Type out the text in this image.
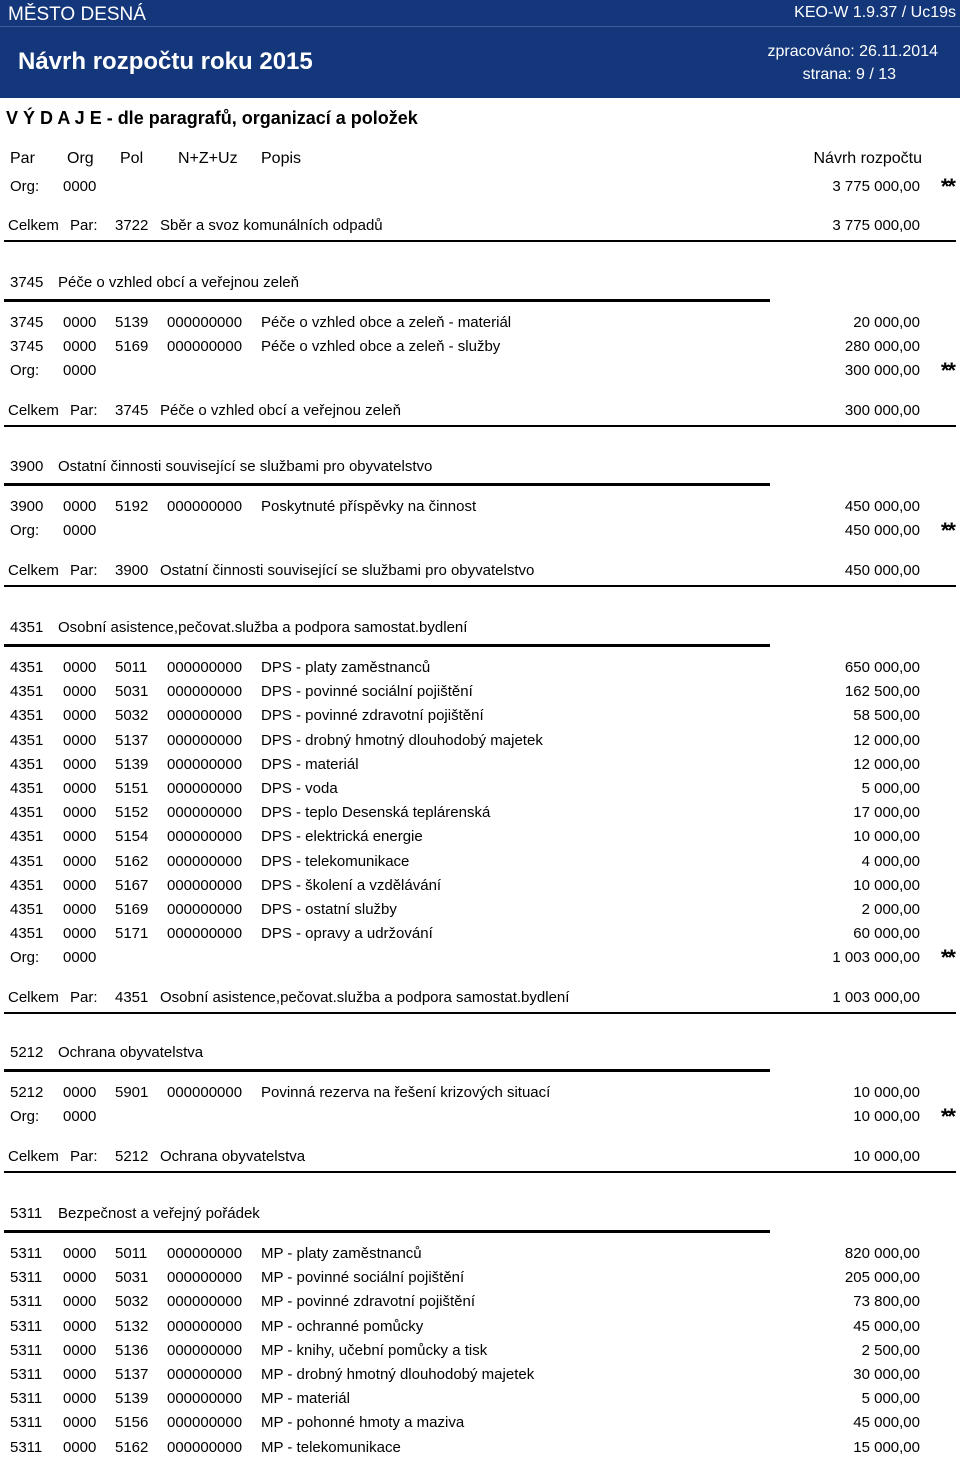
MĚSTO DESNÁ	KEO-W 1.9.37 / Uc19s
Návrh rozpočtu roku 2015	zpracováno: 26.11.2014
strana: 9 / 13
V Ý D A J E - dle paragrafů, organizací a položek
Par Org Pol N+Z+Uz Popis	Návrh rozpočtu
Org: 0000	3 775 000,00 **
Celkem Par: 3722 Sběr a svoz komunálních odpadů	3 775 000,00
3745 Péče o vzhled obcí a veřejnou zeleň
3745 0000 5139 000000000 Péče o vzhled obce a zeleň - materiál	20 000,00
3745 0000 5169 000000000 Péče o vzhled obce a zeleň - služby	280 000,00
Org: 0000	300 000,00 **
Celkem Par: 3745 Péče o vzhled obcí a veřejnou zeleň	300 000,00
3900 Ostatní činnosti související se službami pro obyvatelstvo
3900 0000 5192 000000000 Poskytnuté příspěvky na činnost	450 000,00
Org: 0000	450 000,00 **
Celkem Par: 3900 Ostatní činnosti související se službami pro obyvatelstvo	450 000,00
4351 Osobní asistence,pečovat.služba a podpora samostat.bydlení
4351 0000 5011 000000000 DPS - platy zaměstnanců	650 000,00
4351 0000 5031 000000000 DPS - povinné sociální pojištění	162 500,00
4351 0000 5032 000000000 DPS - povinné zdravotní pojištění	58 500,00
4351 0000 5137 000000000 DPS - drobný hmotný dlouhodobý majetek	12 000,00
4351 0000 5139 000000000 DPS - materiál	12 000,00
4351 0000 5151 000000000 DPS - voda	5 000,00
4351 0000 5152 000000000 DPS - teplo Desenská teplárenská	17 000,00
4351 0000 5154 000000000 DPS - elektrická energie	10 000,00
4351 0000 5162 000000000 DPS - telekomunikace	4 000,00
4351 0000 5167 000000000 DPS - školení a vzdělávání	10 000,00
4351 0000 5169 000000000 DPS - ostatní služby	2 000,00
4351 0000 5171 000000000 DPS - opravy a udržování	60 000,00
Org: 0000	1 003 000,00 **
Celkem Par: 4351 Osobní asistence,pečovat.služba a podpora samostat.bydlení	1 003 000,00
5212 Ochrana obyvatelstva
5212 0000 5901 000000000 Povinná rezerva na řešení krizových situací	10 000,00
Org: 0000	10 000,00 **
Celkem Par: 5212 Ochrana obyvatelstva	10 000,00
5311 Bezpečnost a veřejný pořádek
5311 0000 5011 000000000 MP - platy zaměstnanců	820 000,00
5311 0000 5031 000000000 MP - povinné sociální pojištění	205 000,00
5311 0000 5032 000000000 MP - povinné zdravotní pojištění	73 800,00
5311 0000 5132 000000000 MP - ochranné pomůcky	45 000,00
5311 0000 5136 000000000 MP - knihy, učební pomůcky a tisk	2 500,00
5311 0000 5137 000000000 MP - drobný hmotný dlouhodobý majetek	30 000,00
5311 0000 5139 000000000 MP - materiál	5 000,00
5311 0000 5156 000000000 MP - pohonné hmoty a maziva	45 000,00
5311 0000 5162 000000000 MP - telekomunikace	15 000,00
